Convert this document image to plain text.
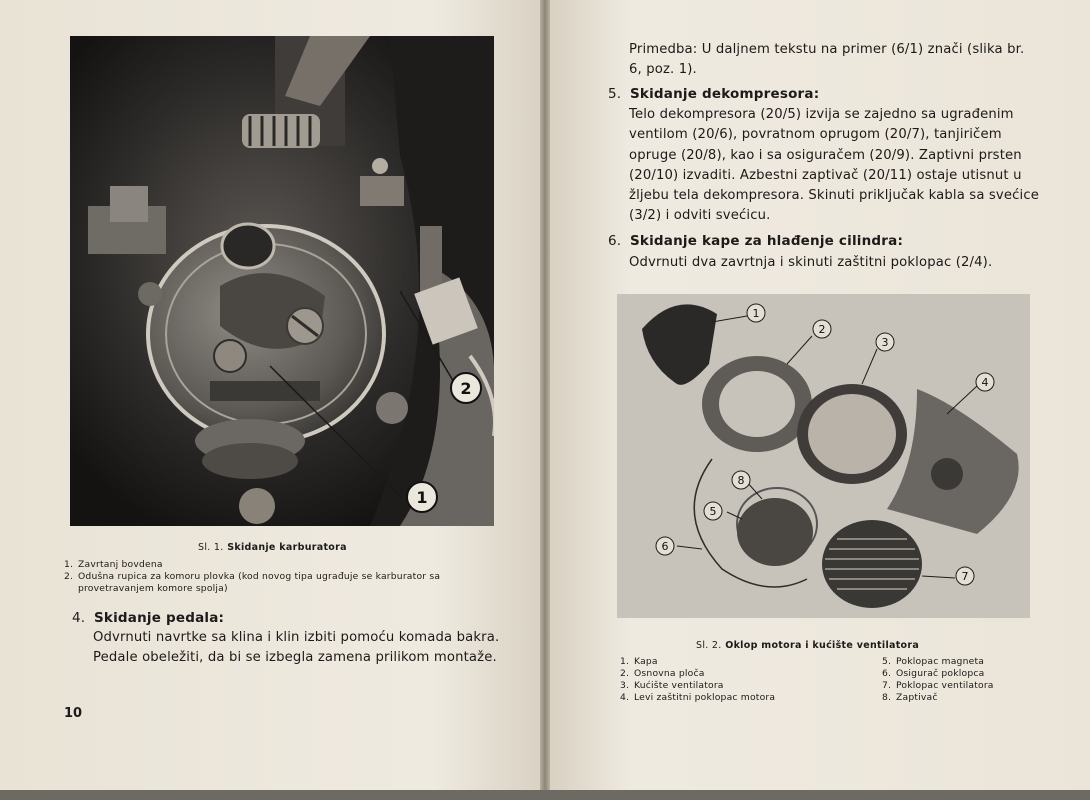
1
2
Sl. 1. Skidanje karburatora
1. Zavrtanj bovdena
2. Odušna rupica za komoru plovka (kod novog tipa ugrađuje se karburator sa provetravanjem komore spolja)
4. Skidanje pedala:
Odvrnuti navrtke sa klina i klin izbiti pomoću komada bakra. Pedale obeležiti, da bi se izbegla zamena prilikom montaže.
10
Primedba: U daljnem tekstu na primer (6/1) znači (slika br. 6, poz. 1).
5. Skidanje dekompresora:
Telo dekompresora (20/5) izvija se zajedno sa ugrađenim ventilom (20/6), povratnom oprugom (20/7), tanjiričem opruge (20/8), kao i sa osiguračem (20/9). Zaptivni prsten (20/10) izvaditi. Azbestni zaptivač (20/11) ostaje utisnut u žljebu tela dekompresora. Skinuti priključak kabla sa svećice (3/2) i odviti svećicu.
6. Skidanje kape za hlađenje cilindra:
Odvrnuti dva zavrtnja i skinuti zaštitni poklopac (2/4).
1
2
3
4
5
6
7
8
Sl. 2. Oklop motora i kućište ventilatora
1. Kapa
2. Osnovna ploča
3. Kućište ventilatora
4. Levi zaštitni poklopac motora
5. Poklopac magneta
6. Osigurač poklopca
7. Poklopac ventilatora
8. Zaptivač
